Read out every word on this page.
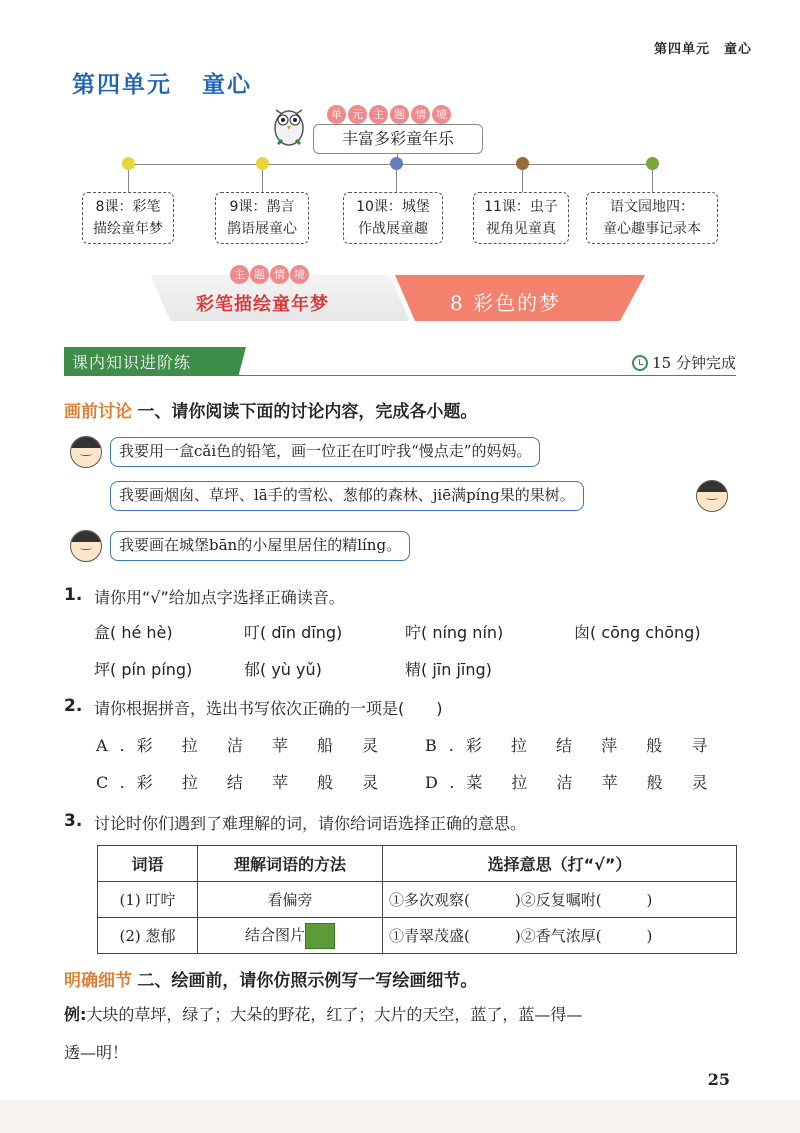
第四单元　童心
第四单元 童心
单 元 主 题 情 境
丰富多彩童年乐
8课：彩笔
描绘童年梦
9课：鹊言
鹊语展童心
10课：城堡
作战展童趣
11课：虫子
视角见童真
语文园地四：
童心趣事记录本
主 题 情 境
彩笔描绘童年梦	8 彩色的梦
课内知识进阶练	15 分钟完成
画前讨论 一、请你阅读下面的讨论内容，完成各小题。
我要用一盒cǎi色的铅笔，画一位正在叮咛我“慢点走”的妈妈。
我要画烟囱、草坪、lā手的雪松、葱郁的森林、jiē满píng果的果树。
我要画在城堡bān的小屋里居住的精líng。
1. 请你用“√”给加点字选择正确读音。
盒( hé hè)	叮( dīn dīng)	咛( níng nín)	囱( cōng chōng)
坪( pín píng)	郁( yù yǔ)	精( jīn jīng)
2. 请你根据拼音，选出书写依次正确的一项是(　　)
A.彩 拉 洁 苹 船 灵 B.彩 拉 结 萍 般 寻
C.彩 拉 结 苹 般 灵 D.菜 拉 洁 苹 般 灵
3. 讨论时你们遇到了难理解的词，请你给词语选择正确的意思。
词语	理解词语的方法	选择意思（打“√”）
(1) 叮咛	看偏旁	①多次观察(　　　)②反复嘱咐(　　　)
(2) 葱郁	结合图片	①青翠茂盛(　　　)②香气浓厚(　　　)
明确细节 二、绘画前，请你仿照示例写一写绘画细节。
例:大块的草坪，绿了；大朵的野花，红了；大片的天空，蓝了，蓝—得—
透—明！
25
